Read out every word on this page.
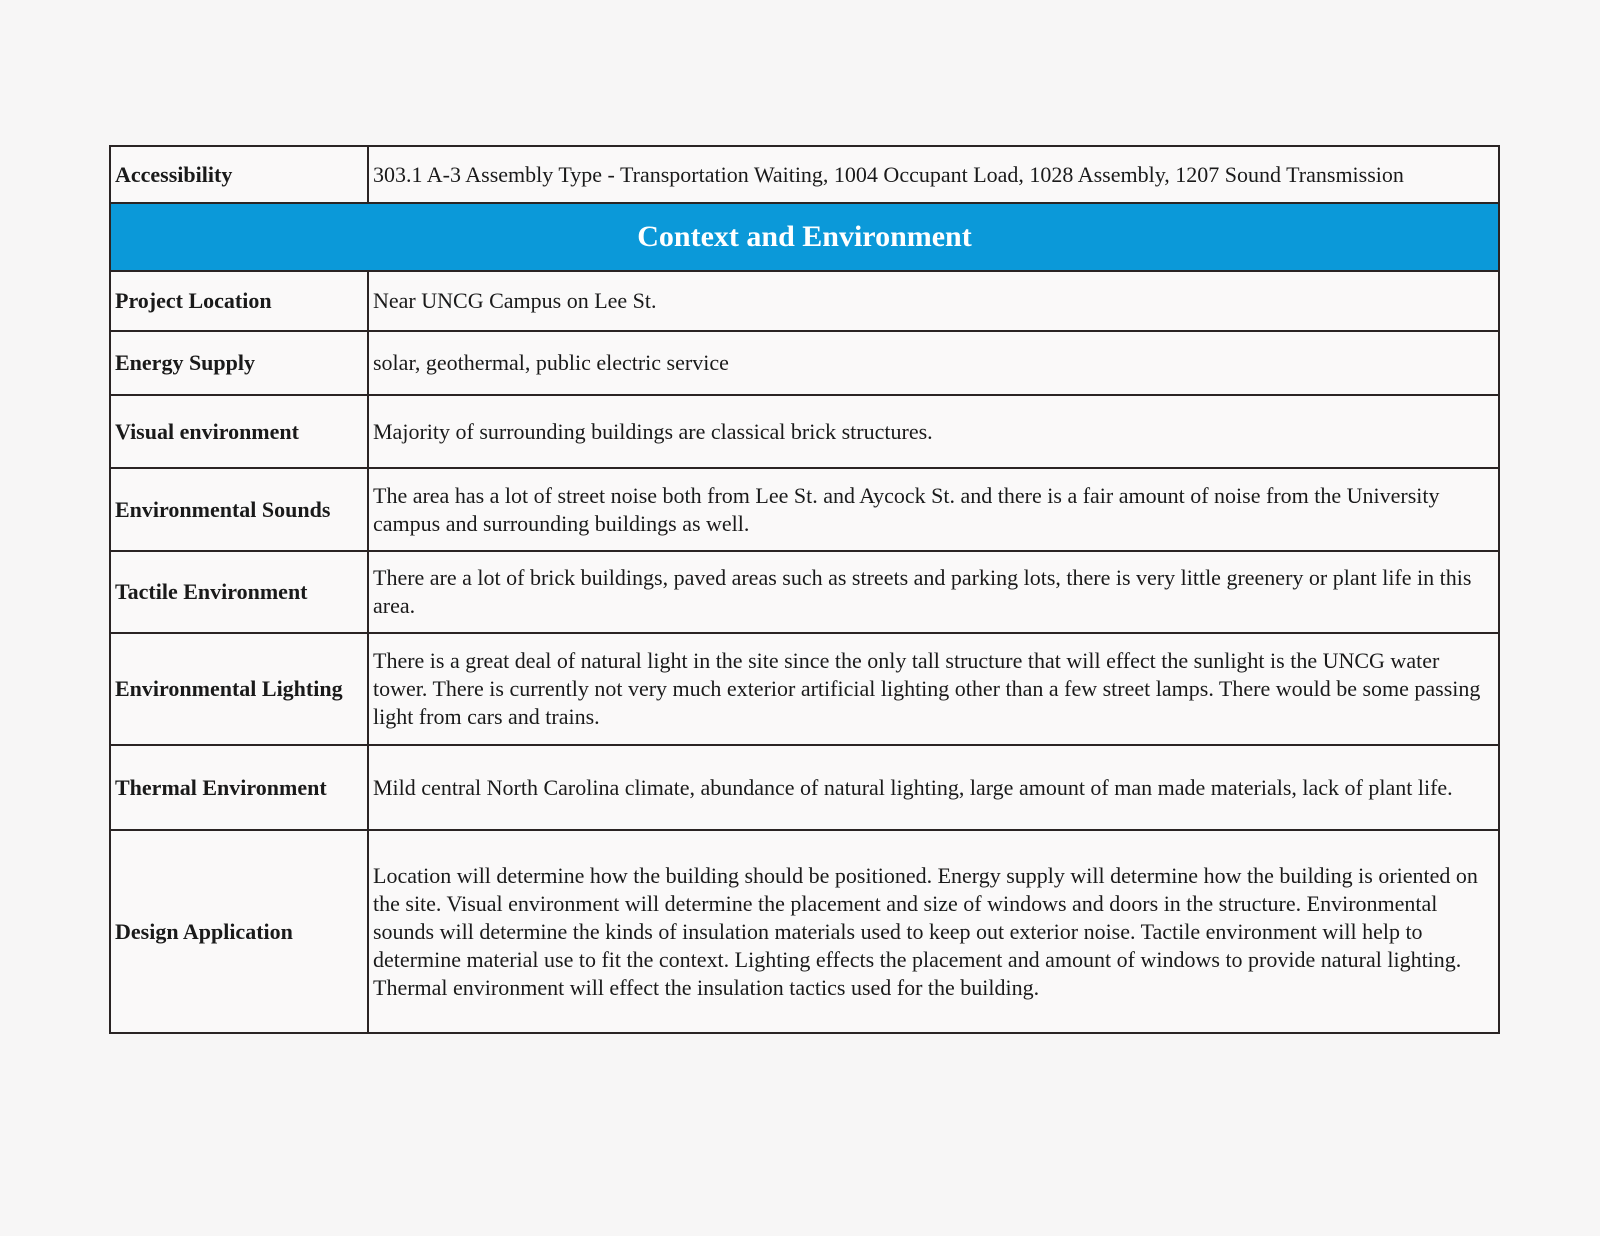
Accessibility	303.1 A-3 Assembly Type - Transportation Waiting, 1004 Occupant Load, 1028 Assembly, 1207 Sound Transmission
Context and Environment	
Project Location	Near UNCG Campus on Lee St.
Energy Supply	solar, geothermal, public electric service
Visual environment	Majority of surrounding buildings are classical brick structures.
Environmental Sounds	The area has a lot of street noise both from Lee St. and Aycock St. and there is a fair amount of noise from the University campus and surrounding buildings as well.
Tactile Environment	There are a lot of brick buildings, paved areas such as streets and parking lots, there is very little greenery or plant life in this area.
Environmental Lighting	There is a great deal of natural light in the site since the only tall structure that will effect the sunlight is the UNCG water tower. There is currently not very much exterior artificial lighting other than a few street lamps. There would be some passing light from cars and trains.
Thermal Environment	Mild central North Carolina climate, abundance of natural lighting, large amount of man made materials, lack of plant life.
Design Application	Location will determine how the building should be positioned. Energy supply will determine how the building is oriented on the site. Visual environment will determine the placement and size of windows and doors in the structure. Environmental sounds will determine the kinds of insulation materials used to keep out exterior noise. Tactile environment will help to determine material use to fit the context. Lighting effects the placement and amount of windows to provide natural lighting. Thermal environment will effect the insulation tactics used for the building.
